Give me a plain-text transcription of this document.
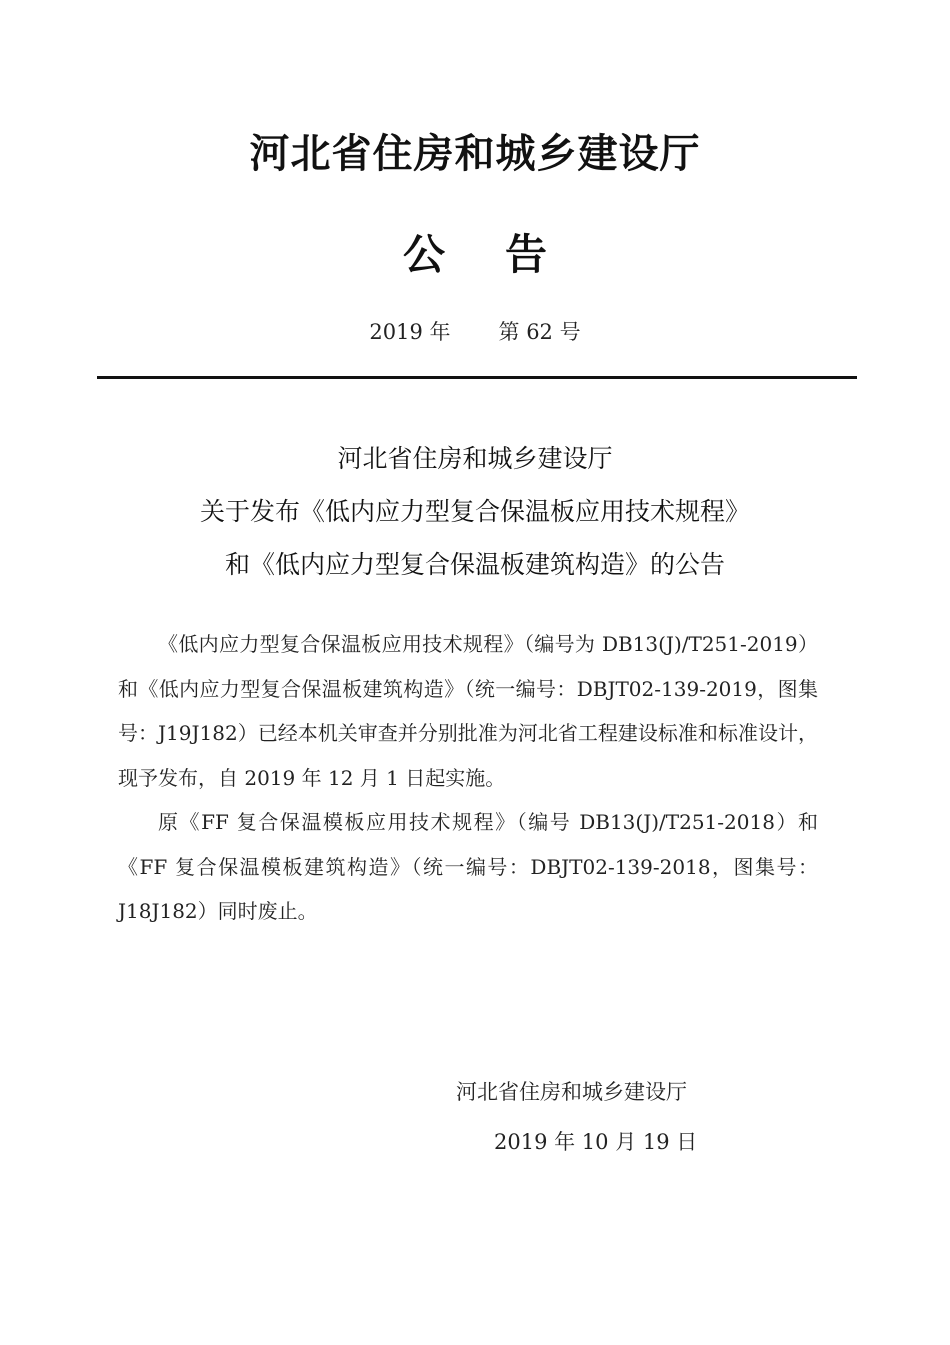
河北省住房和城乡建设厅
公告
2019 年 第 62 号
河北省住房和城乡建设厅
关于发布《低内应力型复合保温板应用技术规程》
和《低内应力型复合保温板建筑构造》的公告

《低内应力型复合保温板应用技术规程》（编号为 DB13(J)/T251-2019）和《低内应力型复合保温板建筑构造》（统一编号：DBJT02-139-2019，图集号：J19J182）已经本机关审查并分别批准为河北省工程建设标准和标准设计，现予发布，自 2019 年 12 月 1 日起实施。

原《FF 复合保温模板应用技术规程》（编号 DB13(J)/T251-2018）和《FF 复合保温模板建筑构造》（统一编号：DBJT02-139-2018，图集号：J18J182）同时废止。

河北省住房和城乡建设厅
2019 年 10 月 19 日
